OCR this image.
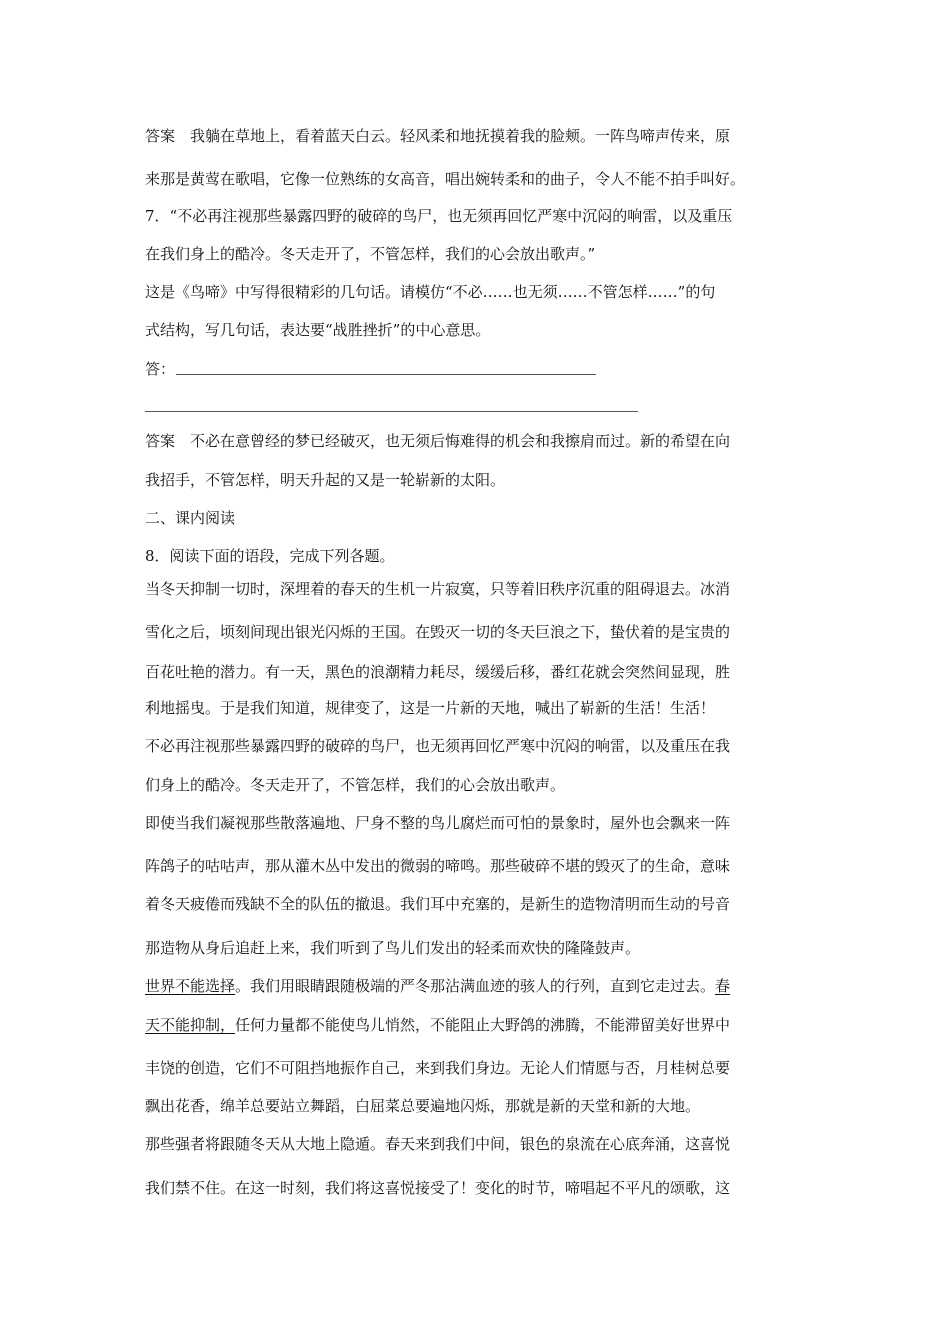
答案　我躺在草地上，看着蓝天白云。轻风柔和地抚摸着我的脸颊。一阵鸟啼声传来，原
来那是黄莺在歌唱，它像一位熟练的女高音，唱出婉转柔和的曲子，令人不能不拍手叫好。
7．“不必再注视那些暴露四野的破碎的鸟尸，也无须再回忆严寒中沉闷的响雷，以及重压
在我们身上的酷冷。冬天走开了，不管怎样，我们的心会放出歌声。”
这是《鸟啼》中写得很精彩的几句话。请模仿“不必……也无须……不管怎样……”的句
式结构，写几句话，表达要“战胜挫折”的中心意思。
答：
答案　不必在意曾经的梦已经破灭，也无须后悔难得的机会和我擦肩而过。新的希望在向
我招手，不管怎样，明天升起的又是一轮崭新的太阳。
二、课内阅读
8．阅读下面的语段，完成下列各题。
当冬天抑制一切时，深埋着的春天的生机一片寂寞，只等着旧秩序沉重的阻碍退去。冰消
雪化之后，顷刻间现出银光闪烁的王国。在毁灭一切的冬天巨浪之下，蛰伏着的是宝贵的
百花吐艳的潜力。有一天，黑色的浪潮精力耗尽，缓缓后移，番红花就会突然间显现，胜
利地摇曳。于是我们知道，规律变了，这是一片新的天地，喊出了崭新的生活！生活！
不必再注视那些暴露四野的破碎的鸟尸，也无须再回忆严寒中沉闷的响雷，以及重压在我
们身上的酷冷。冬天走开了，不管怎样，我们的心会放出歌声。
即使当我们凝视那些散落遍地、尸身不整的鸟儿腐烂而可怕的景象时，屋外也会飘来一阵
阵鸽子的咕咕声，那从灌木丛中发出的微弱的啼鸣。那些破碎不堪的毁灭了的生命，意味
着冬天疲倦而残缺不全的队伍的撤退。我们耳中充塞的，是新生的造物清明而生动的号音
那造物从身后追赶上来，我们听到了鸟儿们发出的轻柔而欢快的隆隆鼓声。
世界不能选择。我们用眼睛跟随极端的严冬那沾满血迹的骇人的行列，直到它走过去。春
天不能抑制，任何力量都不能使鸟儿悄然，不能阻止大野鸽的沸腾，不能滞留美好世界中
丰饶的创造，它们不可阻挡地振作自己，来到我们身边。无论人们情愿与否，月桂树总要
飘出花香，绵羊总要站立舞蹈，白屈菜总要遍地闪烁，那就是新的天堂和新的大地。
那些强者将跟随冬天从大地上隐遁。春天来到我们中间，银色的泉流在心底奔涌，这喜悦
我们禁不住。在这一时刻，我们将这喜悦接受了！变化的时节，啼唱起不平凡的颂歌，这
